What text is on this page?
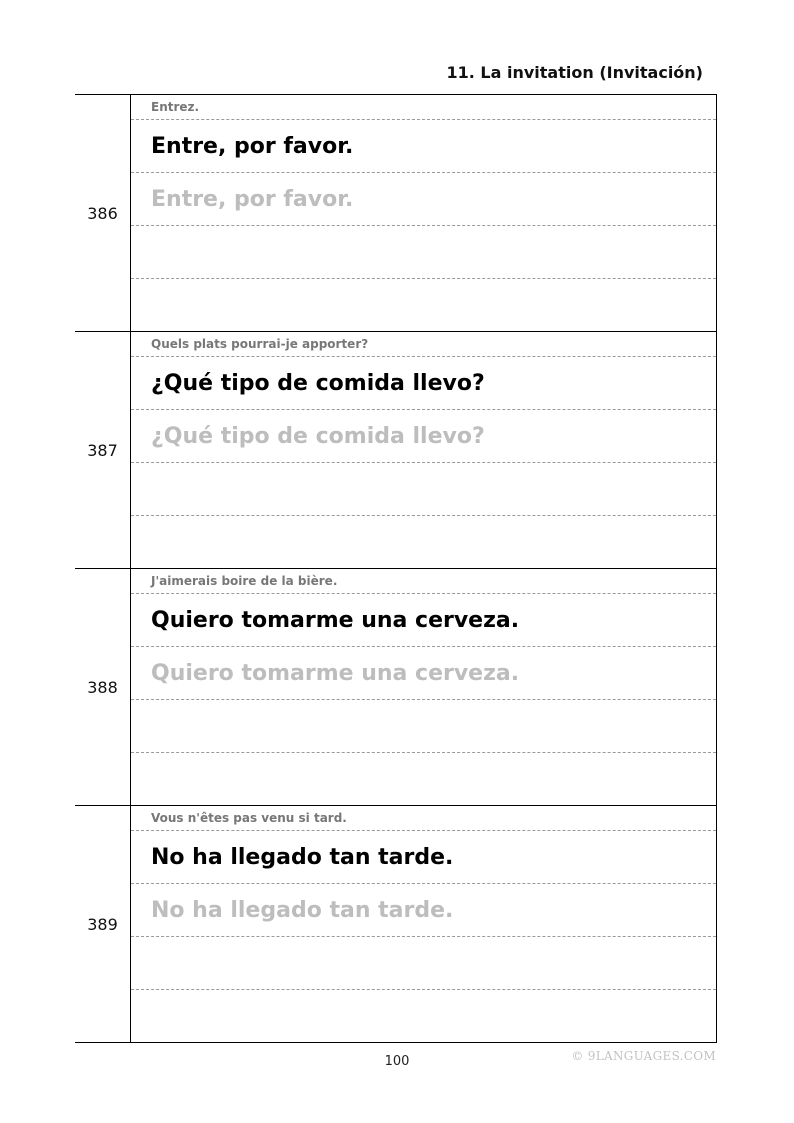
11. La invitation (Invitación)
386
Entrez.
Entre, por favor.
Entre, por favor.
387
Quels plats pourrai-je apporter?
¿Qué tipo de comida llevo?
¿Qué tipo de comida llevo?
388
J'aimerais boire de la bière.
Quiero tomarme una cerveza.
Quiero tomarme una cerveza.
389
Vous n'êtes pas venu si tard.
No ha llegado tan tarde.
No ha llegado tan tarde.
100	© 9LANGUAGES.COM
